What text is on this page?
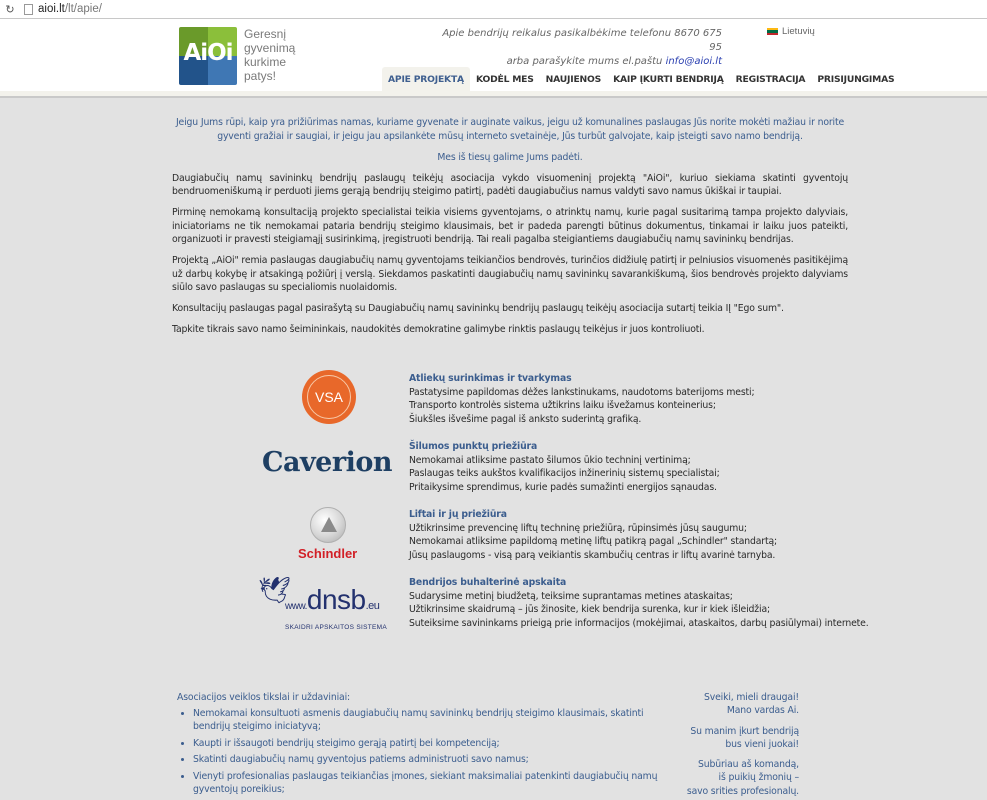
↻ aioi.lt/lt/apie/
AiOi
Geresnį
gyvenimą
kurkime
patys!
Apie bendrijų reikalus pasikalbėkime telefonu 8670 675 95
arba parašykite mums el.paštu info@aioi.lt
Lietuvių
APIE PROJEKTĄ	KODĖL MES	NAUJIENOS	KAIP ĮKURTI BENDRIJĄ	REGISTRACIJA	PRISIJUNGIMAS

Jeigu Jums rūpi, kaip yra prižiūrimas namas, kuriame gyvenate ir auginate vaikus, jeigu už komunalines paslaugas Jūs norite mokėti mažiau ir norite gyventi gražiai ir saugiai, ir jeigu jau apsilankėte mūsų interneto svetainėje, Jūs turbūt galvojate, kaip įsteigti savo namo bendriją.

Mes iš tiesų galime Jums padėti.

Daugiabučių namų savininkų bendrijų paslaugų teikėjų asociacija vykdo visuomeninį projektą "AiOi", kuriuo siekiama skatinti gyventojų bendruomeniškumą ir perduoti jiems gerąją bendrijų steigimo patirtį, padėti daugiabučius namus valdyti savo namus ūkiškai ir taupiai.

Pirminę nemokamą konsultaciją projekto specialistai teikia visiems gyventojams, o atrinktų namų, kurie pagal susitarimą tampa projekto dalyviais, iniciatoriams ne tik nemokamai pataria bendrijų steigimo klausimais, bet ir padeda parengti būtinus dokumentus, tinkamai ir laiku juos pateikti, organizuoti ir pravesti steigiamąjį susirinkimą, įregistruoti bendriją. Tai reali pagalba steigiantiems daugiabučių namų savininkų bendrijas.

Projektą „AiOi" remia paslaugas daugiabučių namų gyventojams teikiančios bendrovės, turinčios didžiulę patirtį ir pelniusios visuomenės pasitikėjimą už darbų kokybę ir atsakingą požiūrį į verslą. Siekdamos paskatinti daugiabučių namų savininkų savarankiškumą, šios bendrovės projekto dalyviams siūlo savo paslaugas su specialiomis nuolaidomis.

Konsultacijų paslaugas pagal pasirašytą su Daugiabučių namų savininkų bendrijų paslaugų teikėjų asociacija sutartį teikia IĮ "Ego sum".

Tapkite tikrais savo namo šeimininkais, naudokitės demokratine galimybe rinktis paslaugų teikėjus ir juos kontroliuoti.

VSA
Atliekų surinkimas ir tvarkymas
Pastatysime papildomas dėžes lankstinukams, naudotoms baterijoms mesti;
Transporto kontrolės sistema užtikrins laiku išvežamus konteinerius;
Šiukšles išvešime pagal iš anksto suderintą grafiką.
Caverion
Šilumos punktų priežiūra
Nemokamai atliksime pastato šilumos ūkio techninį vertinimą;
Paslaugas teiks aukštos kvalifikacijos inžinerinių sistemų specialistai;
Pritaikysime sprendimus, kurie padės sumažinti energijos sąnaudas.
Schindler
Liftai ir jų priežiūra
Užtikrinsime prevencinę liftų techninę priežiūrą, rūpinsimės jūsų saugumu;
Nemokamai atliksime papildomą metinę liftų patikrą pagal „Schindler" standartą;
Jūsų paslaugoms - visą parą veikiantis skambučių centras ir liftų avarinė tarnyba.
🕊
www.dnsb.eu
SKAIDRI APSKAITOS SISTEMA
Bendrijos buhalterinė apskaita
Sudarysime metinį biudžetą, teiksime suprantamas metines ataskaitas;
Užtikrinsime skaidrumą – jūs žinosite, kiek bendrija surenka, kur ir kiek išleidžia;
Suteiksime savininkams prieigą prie informacijos (mokėjimai, ataskaitos, darbų pasiūlymai) internete.
Asociacijos veiklos tikslai ir uždaviniai:
Nemokamai konsultuoti asmenis daugiabučių namų savininkų bendrijų steigimo klausimais, skatinti bendrijų steigimo iniciatyvą;
Kaupti ir išsaugoti bendrijų steigimo gerąją patirtį bei kompetenciją;
Skatinti daugiabučių namų gyventojus patiems administruoti savo namus;
Vienyti profesionalias paslaugas teikiančias įmones, siekiant maksimaliai patenkinti daugiabučių namų gyventojų poreikius;

Sveiki, mieli draugai!
Mano vardas Ai.

Su manim įkurt bendriją
bus vieni juokai!

Subūriau aš komandą,
iš puikių žmonių –
savo srities profesionalų.
